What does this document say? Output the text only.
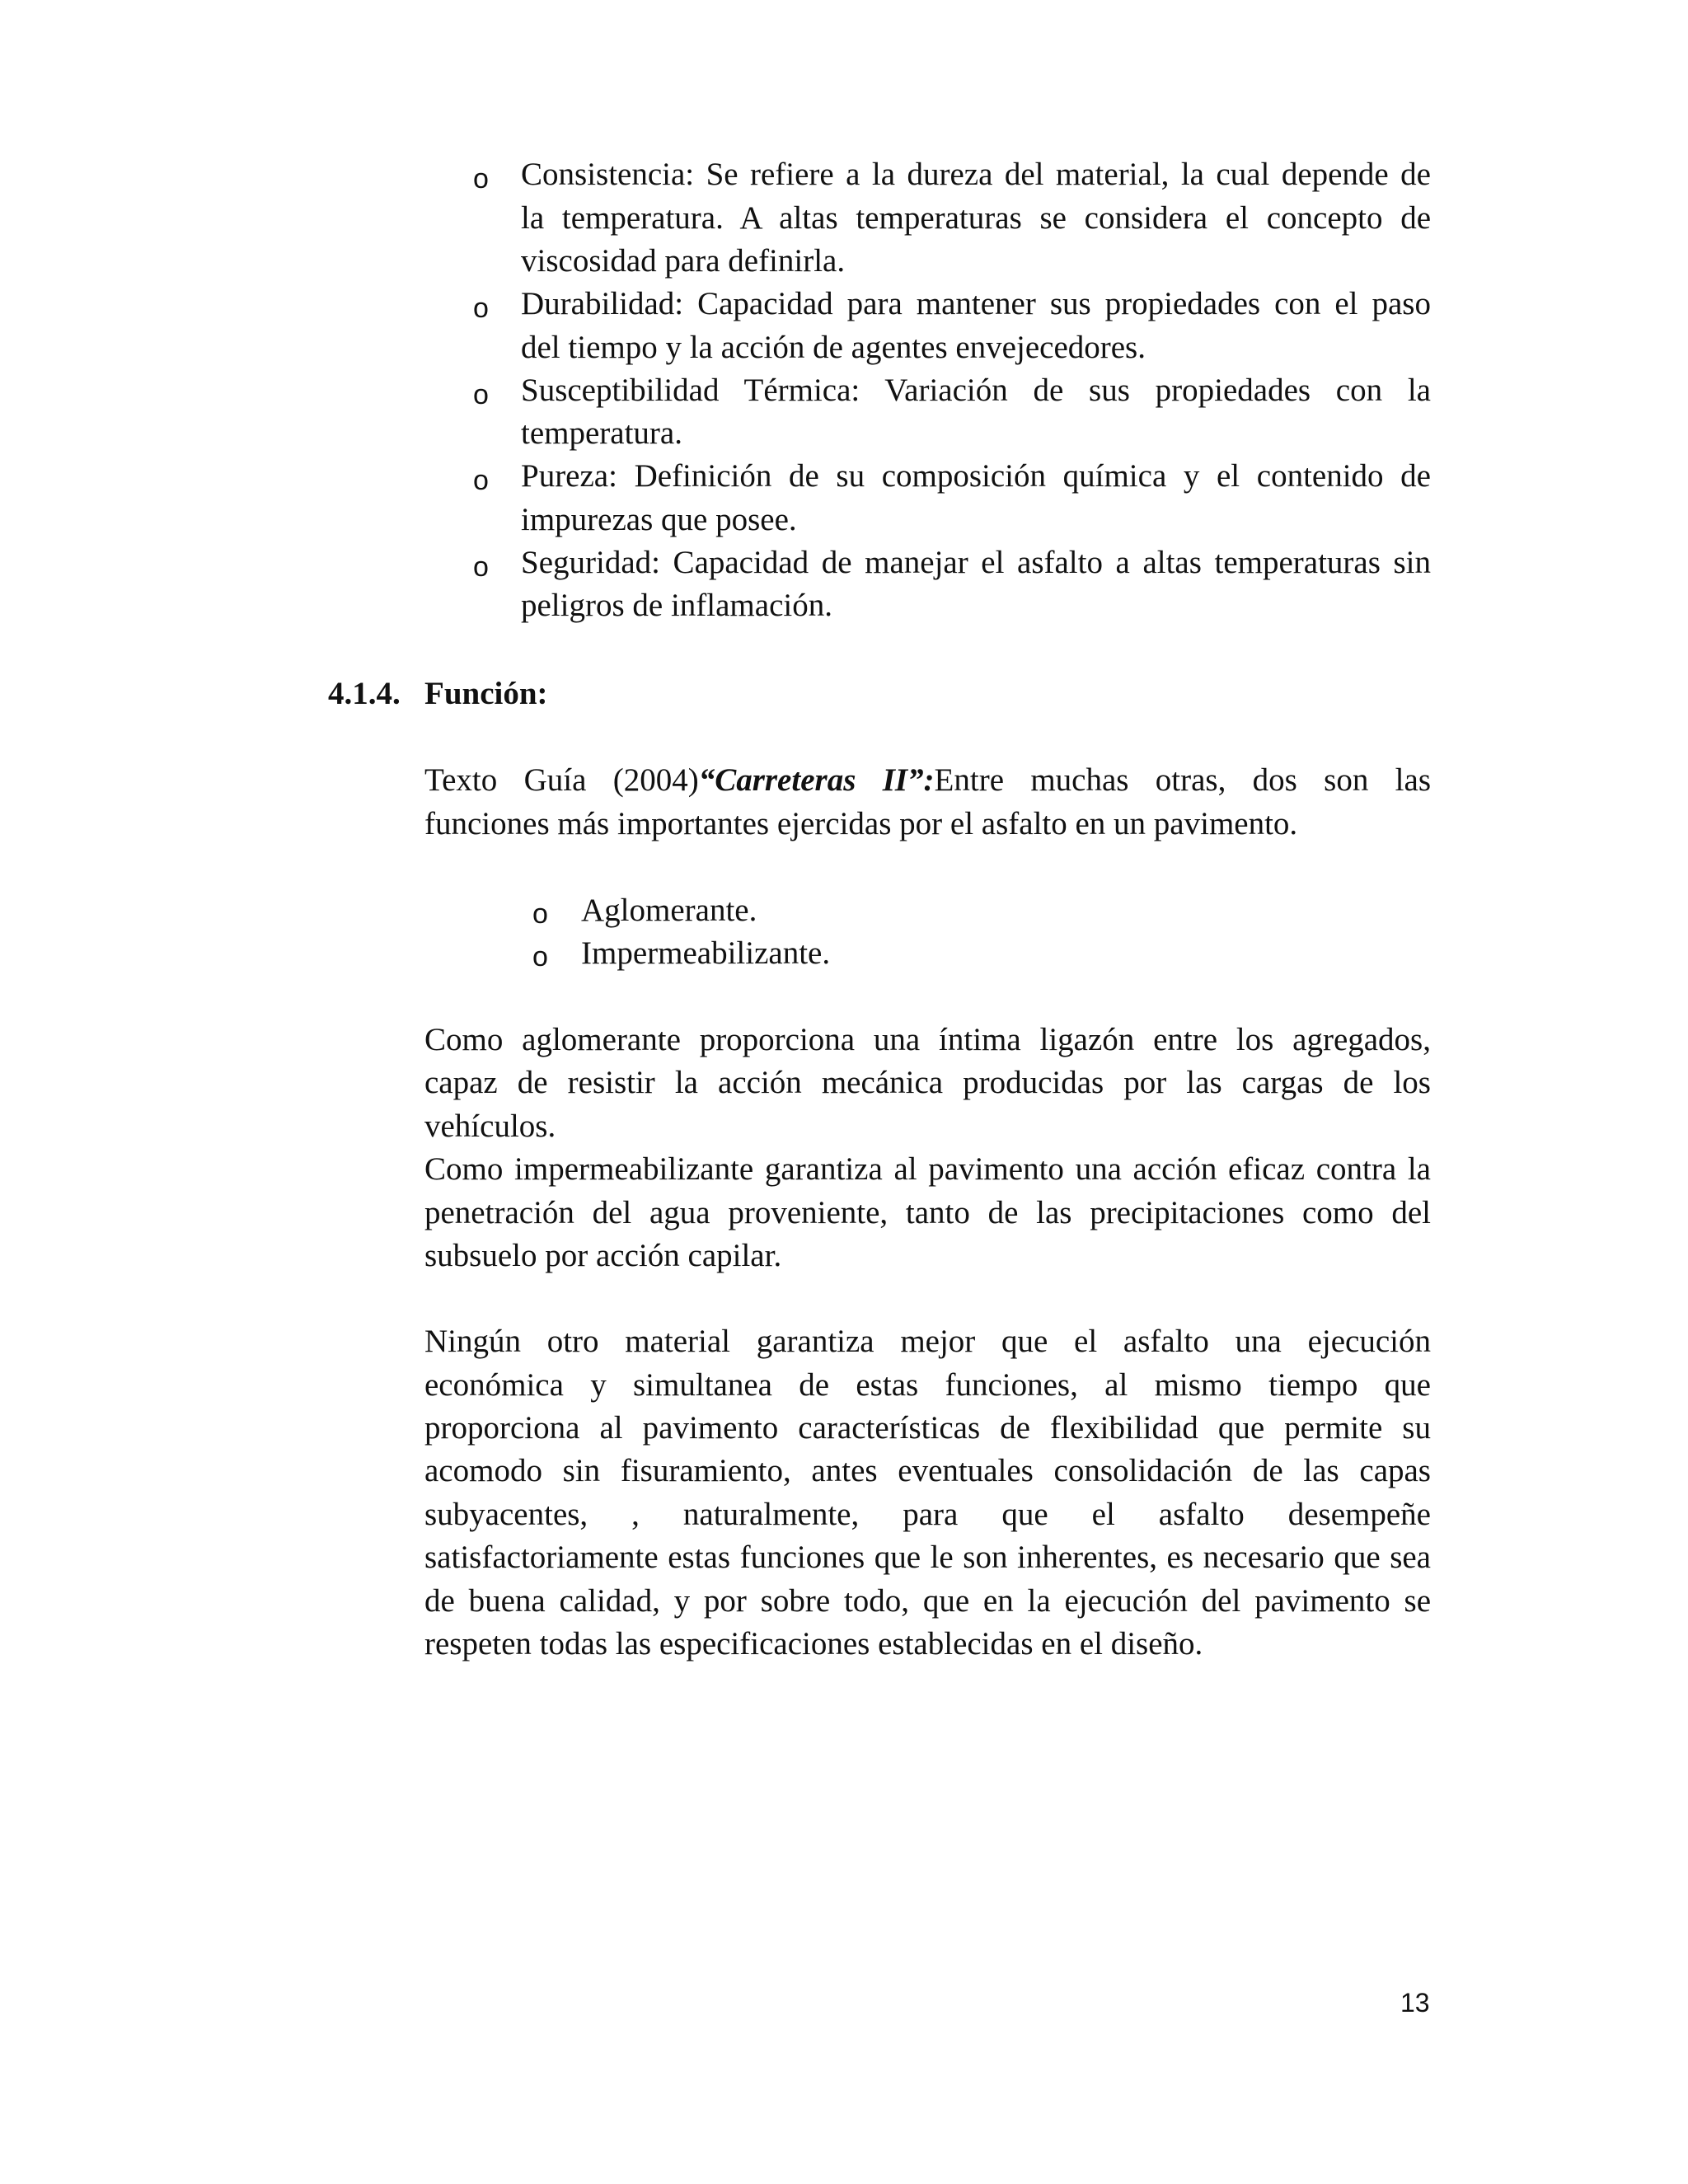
o Consistencia: Se refiere a la dureza del material, la cual depende de
la temperatura. A altas temperaturas se considera el concepto de
viscosidad para definirla.
o Durabilidad: Capacidad para mantener sus propiedades con el paso
del tiempo y la acción de agentes envejecedores.
o Susceptibilidad Térmica: Variación de sus propiedades con la
temperatura.
o Pureza: Definición de su composición química y el contenido de
impurezas que posee.
o Seguridad: Capacidad de manejar el asfalto a altas temperaturas sin
peligros de inflamación.
4.1.4. Función:
Texto Guía (2004)“Carreteras II”:Entre muchas otras, dos son las
funciones más importantes ejercidas por el asfalto en un pavimento.
o Aglomerante.
o Impermeabilizante.
Como aglomerante proporciona una íntima ligazón entre los agregados,
capaz de resistir la acción mecánica producidas por las cargas de los
vehículos.
Como impermeabilizante garantiza al pavimento una acción eficaz contra la
penetración del agua proveniente, tanto de las precipitaciones como del
subsuelo por acción capilar.
Ningún otro material garantiza mejor que el asfalto una ejecución
económica y simultanea de estas funciones, al mismo tiempo que
proporciona al pavimento características de flexibilidad que permite su
acomodo sin fisuramiento, antes eventuales consolidación de las capas
subyacentes, , naturalmente, para que el asfalto desempeñe
satisfactoriamente estas funciones que le son inherentes, es necesario que sea
de buena calidad, y por sobre todo, que en la ejecución del pavimento se
respeten todas las especificaciones establecidas en el diseño.
13
